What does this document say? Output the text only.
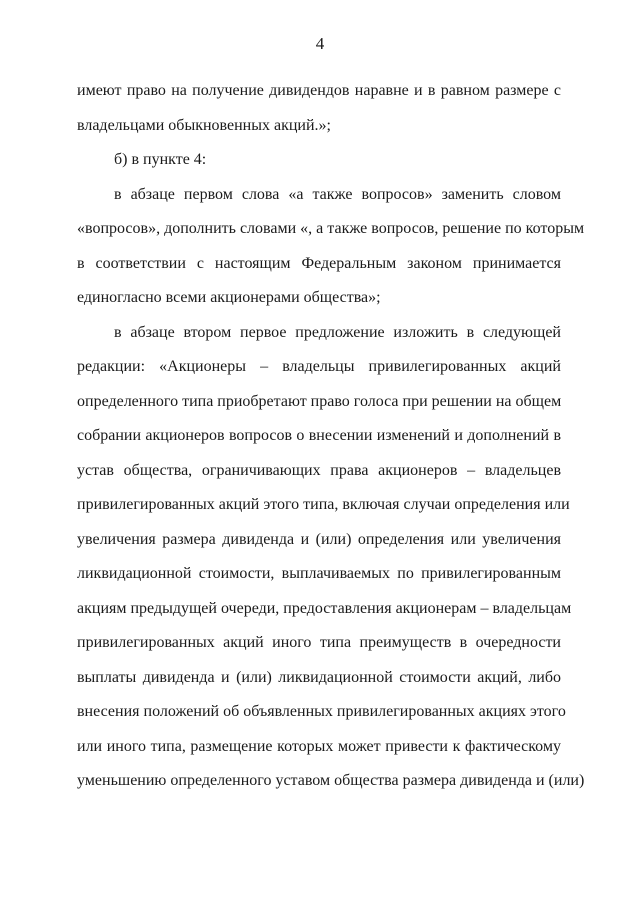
4
имеют право на получение дивидендов наравне и в равном размере с
владельцами обыкновенных акций.»;
б) в пункте 4:
в абзаце первом слова «а также вопросов» заменить словом
«вопросов», дополнить словами «, а также вопросов, решение по которым
в соответствии с настоящим Федеральным законом принимается
единогласно всеми акционерами общества»;
в абзаце втором первое предложение изложить в следующей
редакции: «Акционеры – владельцы привилегированных акций
определенного типа приобретают право голоса при решении на общем
собрании акционеров вопросов о внесении изменений и дополнений в
устав общества, ограничивающих права акционеров – владельцев
привилегированных акций этого типа, включая случаи определения или
увеличения размера дивиденда и (или) определения или увеличения
ликвидационной стоимости, выплачиваемых по привилегированным
акциям предыдущей очереди, предоставления акционерам – владельцам
привилегированных акций иного типа преимуществ в очередности
выплаты дивиденда и (или) ликвидационной стоимости акций, либо
внесения положений об объявленных привилегированных акциях этого
или иного типа, размещение которых может привести к фактическому
уменьшению определенного уставом общества размера дивиденда и (или)
